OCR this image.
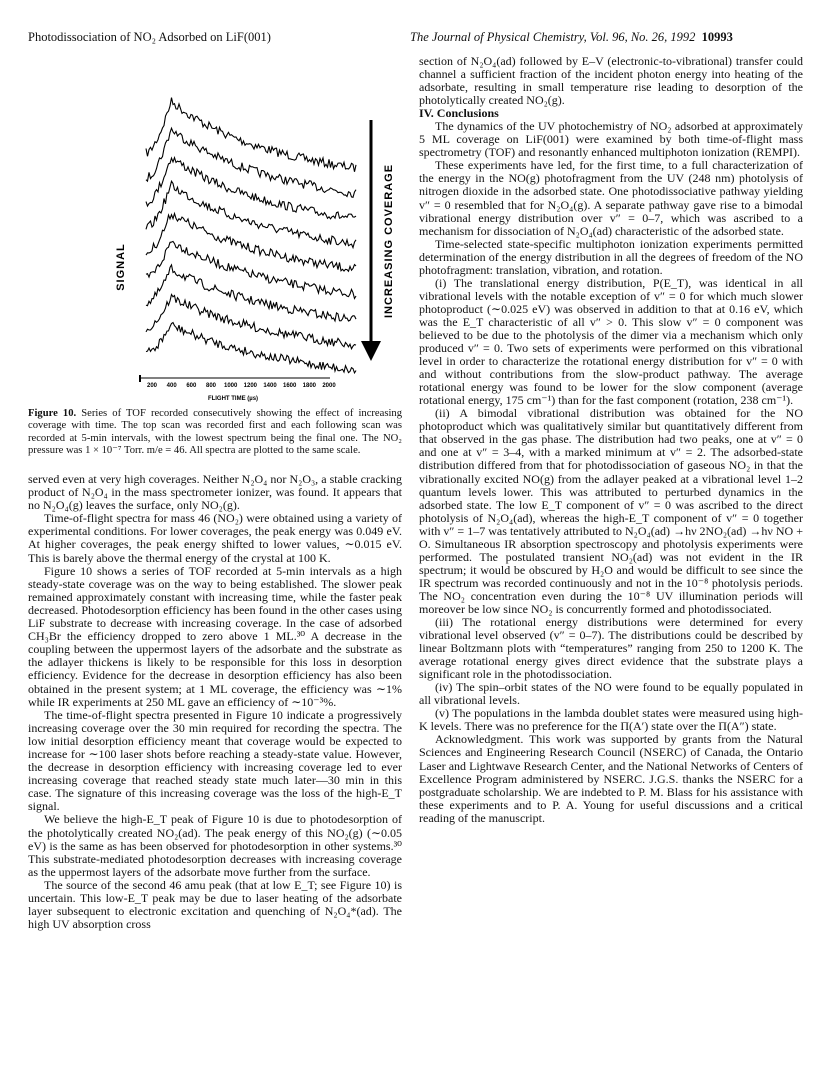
Photodissociation of NO₂ Adsorbed on LiF(001)	The Journal of Physical Chemistry, Vol. 96, No. 26, 1992 10993
SIGNAL	INCREASING COVERAGE
200 400 600 800 1000 1200 1400 1600 1800 2000
FLIGHT TIME (µs)
Figure 10. Series of TOF recorded consecutively showing the effect of increasing coverage with time. The top scan was recorded first and each following scan was recorded at 5-min intervals, with the lowest spectrum being the final one. The NO₂ pressure was 1 × 10⁻⁷ Torr. m/e = 46. All spectra are plotted to the same scale.

served even at very high coverages. Neither N₂O₄ nor N₂O₃, a stable cracking product of N₂O₄ in the mass spectrometer ionizer, was found. It appears that no N₂O₄(g) leaves the surface, only NO₂(g).

Time-of-flight spectra for mass 46 (NO₂) were obtained using a variety of experimental conditions. For lower coverages, the peak energy was 0.049 eV. At higher coverages, the peak energy shifted to lower values, ∼0.015 eV. This is barely above the thermal energy of the crystal at 100 K.

Figure 10 shows a series of TOF recorded at 5-min intervals as a high steady-state coverage was on the way to being established. The slower peak remained approximately constant with increasing time, while the faster peak decreased. Photodesorption efficiency has been found in the other cases using LiF substrate to decrease with increasing coverage. In the case of adsorbed CH₃Br the efficiency dropped to zero above 1 ML.³⁰ A decrease in the coupling between the uppermost layers of the adsorbate and the substrate as the adlayer thickens is likely to be responsible for this loss in desorption efficiency. Evidence for the decrease in desorption efficiency has also been obtained in the present system; at 1 ML coverage, the efficiency was ∼1% while IR experiments at 250 ML gave an efficiency of ∼10⁻³%.

The time-of-flight spectra presented in Figure 10 indicate a progressively increasing coverage over the 30 min required for recording the spectra. The low initial desorption efficiency meant that coverage would be expected to increase for ∼100 laser shots before reaching a steady-state value. However, the decrease in desorption efficiency with increasing coverage led to ever increasing coverage that reached steady state much later—30 min in this case. The signature of this increasing coverage was the loss of the high-E_T signal.

We believe the high-E_T peak of Figure 10 is due to photodesorption of the photolytically created NO₂(ad). The peak energy of this NO₂(g) (∼0.05 eV) is the same as has been observed for photodesorption in other systems.³⁰ This substrate-mediated photodesorption decreases with increasing coverage as the uppermost layers of the adsorbate move further from the surface.

The source of the second 46 amu peak (that at low E_T; see Figure 10) is uncertain. This low-E_T peak may be due to laser heating of the adsorbate layer subsequent to electronic excitation and quenching of N₂O₄*(ad). The high UV absorption cross

section of N₂O₄(ad) followed by E–V (electronic-to-vibrational) transfer could channel a sufficient fraction of the incident photon energy into heating of the adsorbate, resulting in small temperature rise leading to desorption of the photolytically created NO₂(g).

IV. Conclusions

The dynamics of the UV photochemistry of NO₂ adsorbed at approximately 5 ML coverage on LiF(001) were examined by both time-of-flight mass spectrometry (TOF) and resonantly enhanced multiphoton ionization (REMPI).

These experiments have led, for the first time, to a full characterization of the energy in the NO(g) photofragment from the UV (248 nm) photolysis of nitrogen dioxide in the adsorbed state. One photodissociative pathway yielding v″ = 0 resembled that for N₂O₄(g). A separate pathway gave rise to a bimodal vibrational energy distribution over v″ = 0–7, which was ascribed to a mechanism for dissociation of N₂O₄(ad) characteristic of the adsorbed state.

Time-selected state-specific multiphoton ionization experiments permitted determination of the energy distribution in all the degrees of freedom of the NO photofragment: translation, vibration, and rotation.

(i) The translational energy distribution, P(E_T), was identical in all vibrational levels with the notable exception of v″ = 0 for which much slower photoproduct (∼0.025 eV) was observed in addition to that at 0.16 eV, which was the E_T characteristic of all v″ > 0. This slow v″ = 0 component was believed to be due to the photolysis of the dimer via a mechanism which only produced v″ = 0. Two sets of experiments were performed on this vibrational level in order to characterize the rotational energy distribution for v″ = 0 with and without contributions from the slow-product pathway. The average rotational energy was found to be lower for the slow component (average rotational energy, 175 cm⁻¹) than for the fast component (rotation, 238 cm⁻¹).

(ii) A bimodal vibrational distribution was obtained for the NO photoproduct which was qualitatively similar but quantitatively different from that observed in the gas phase. The distribution had two peaks, one at v″ = 0 and one at v″ = 3–4, with a marked minimum at v″ = 2. The adsorbed-state distribution differed from that for photodissociation of gaseous NO₂ in that the vibrationally excited NO(g) from the adlayer peaked at a vibrational level 1–2 quantum levels lower. This was attributed to perturbed dynamics in the adsorbed state. The low E_T component of v″ = 0 was ascribed to the direct photolysis of N₂O₄(ad), whereas the high-E_T component of v″ = 0 together with v″ = 1–7 was tentatively attributed to N₂O₄(ad) →hν 2NO₂(ad) →hν NO + O. Simultaneous IR absorption spectroscopy and photolysis experiments were performed. The postulated transient NO₂(ad) was not evident in the IR spectrum; it would be obscured by H₂O and would be difficult to see since the IR spectrum was recorded continuously and not in the 10⁻⁸ photolysis periods. The NO₂ concentration even during the 10⁻⁸ UV illumination periods will moreover be low since NO₂ is concurrently formed and photodissociated.

(iii) The rotational energy distributions were determined for every vibrational level observed (v″ = 0–7). The distributions could be described by linear Boltzmann plots with “temperatures” ranging from 250 to 1200 K. The average rotational energy gives direct evidence that the substrate plays a significant role in the photodissociation.

(iv) The spin–orbit states of the NO were found to be equally populated in all vibrational levels.

(v) The populations in the lambda doublet states were measured using high-K levels. There was no preference for the Π(A′) state over the Π(A″) state.

Acknowledgment. This work was supported by grants from the Natural Sciences and Engineering Research Council (NSERC) of Canada, the Ontario Laser and Lightwave Research Center, and the National Networks of Centers of Excellence Program administered by NSERC. J.G.S. thanks the NSERC for a postgraduate scholarship. We are indebted to P. M. Blass for his assistance with these experiments and to P. A. Young for useful discussions and a critical reading of the manuscript.
